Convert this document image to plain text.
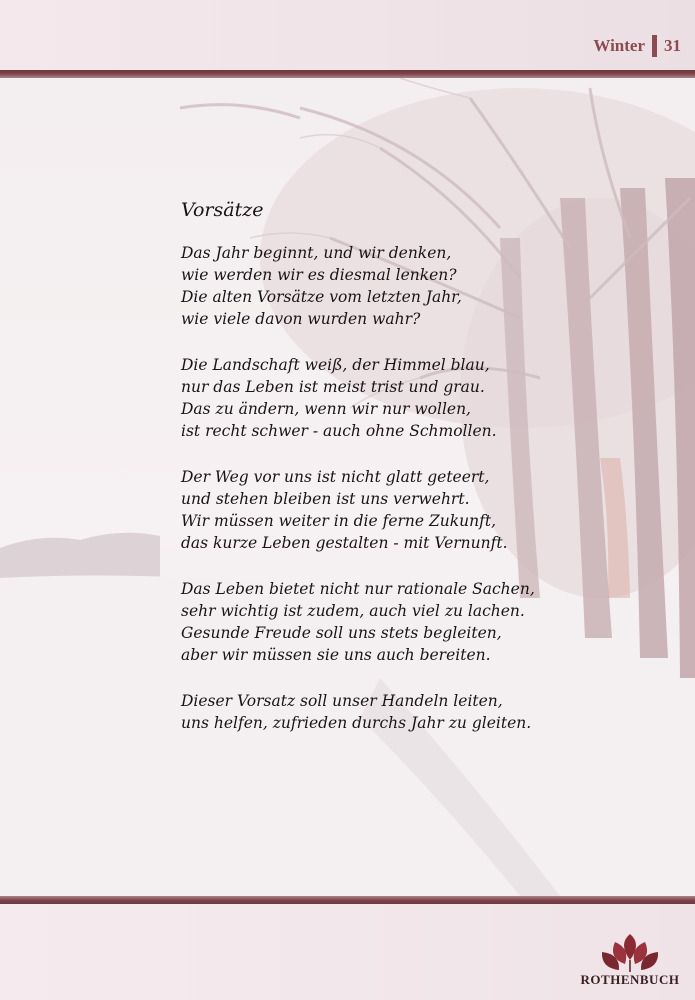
Winter 31
ROTHENBUCH
Vorsätze
Das Jahr beginnt, und wir denken,
wie werden wir es diesmal lenken?
Die alten Vorsätze vom letzten Jahr,
wie viele davon wurden wahr?
Die Landschaft weiß, der Himmel blau,
nur das Leben ist meist trist und grau.
Das zu ändern, wenn wir nur wollen,
ist recht schwer - auch ohne Schmollen.
Der Weg vor uns ist nicht glatt geteert,
und stehen bleiben ist uns verwehrt.
Wir müssen weiter in die ferne Zukunft,
das kurze Leben gestalten - mit Vernunft.
Das Leben bietet nicht nur rationale Sachen,
sehr wichtig ist zudem, auch viel zu lachen.
Gesunde Freude soll uns stets begleiten,
aber wir müssen sie uns auch bereiten.
Dieser Vorsatz soll unser Handeln leiten,
uns helfen, zufrieden durchs Jahr zu gleiten.
